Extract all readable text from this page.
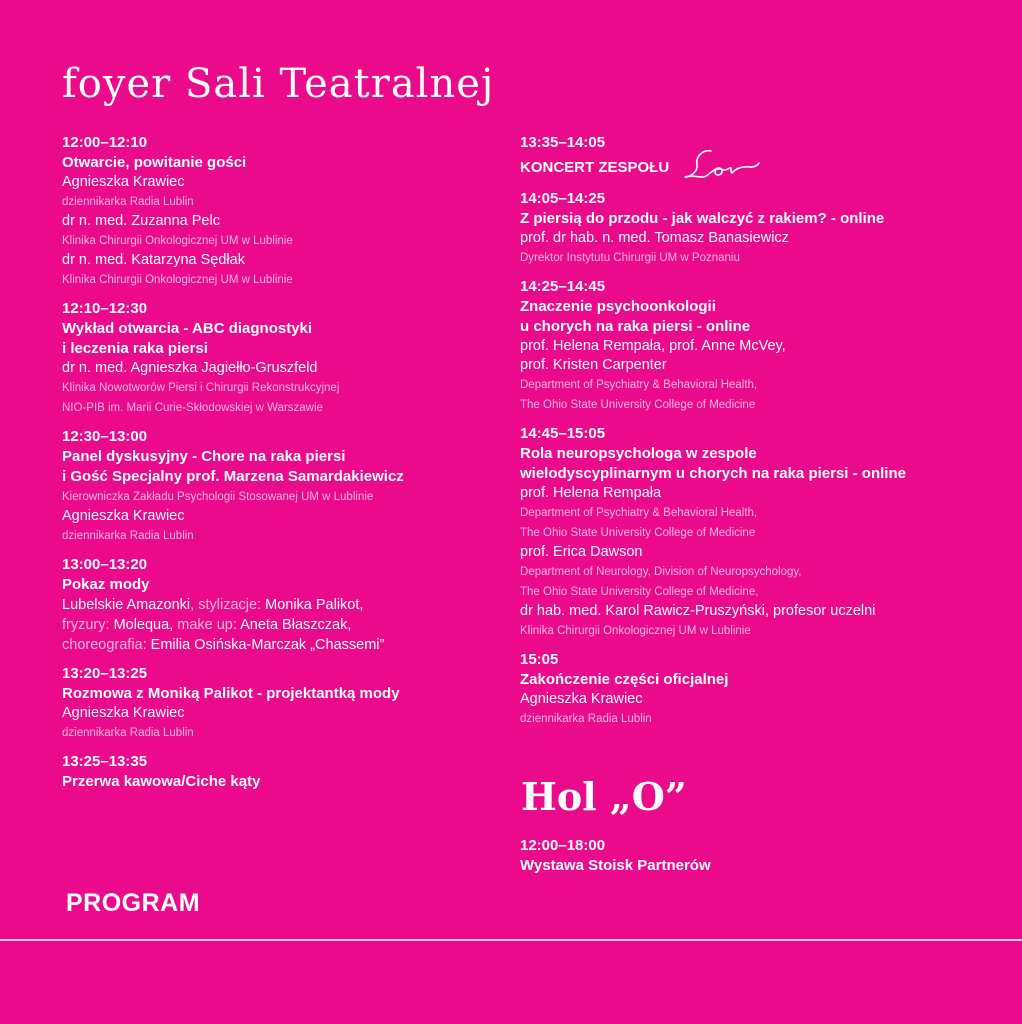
foyer Sali Teatralnej
12:00–12:10
Otwarcie, powitanie gości
Agnieszka Krawiec
dziennikarka Radia Lublin
dr n. med. Zuzanna Pelc
Klinika Chirurgii Onkologicznej UM w Lublinie
dr n. med. Katarzyna Sędłak
Klinika Chirurgii Onkologicznej UM w Lublinie
12:10–12:30
Wykład otwarcia - ABC diagnostyki
i leczenia raka piersi
dr n. med. Agnieszka Jagiełło-Gruszfeld
Klinika Nowotworów Piersi i Chirurgii Rekonstrukcyjnej
NIO-PIB im. Marii Curie-Skłodowskiej w Warszawie
12:30–13:00
Panel dyskusyjny - Chore na raka piersi
i Gość Specjalny prof. Marzena Samardakiewicz
Kierowniczka Zakładu Psychologii Stosowanej UM w Lublinie
Agnieszka Krawiec
dziennikarka Radia Lublin
13:00–13:20
Pokaz mody
Lubelskie Amazonki, stylizacje: Monika Palikot,
fryzury: Molequa, make up: Aneta Błaszczak,
choreografia: Emilia Osińska-Marczak „Chassemi”
13:20–13:25
Rozmowa z Moniką Palikot - projektantką mody
Agnieszka Krawiec
dziennikarka Radia Lublin
13:25–13:35
Przerwa kawowa/Ciche kąty
13:35–14:05
KONCERT ZESPOŁU
14:05–14:25
Z piersią do przodu - jak walczyć z rakiem? - online
prof. dr hab. n. med. Tomasz Banasiewicz
Dyrektor Instytutu Chirurgii UM w Poznaniu
14:25–14:45
Znaczenie psychoonkologii
u chorych na raka piersi - online
prof. Helena Rempała, prof. Anne McVey,
prof. Kristen Carpenter
Department of Psychiatry & Behavioral Health,
The Ohio State University College of Medicine
14:45–15:05
Rola neuropsychologa w zespole
wielodyscyplinarnym u chorych na raka piersi - online
prof. Helena Rempała
Department of Psychiatry & Behavioral Health,
The Ohio State University College of Medicine
prof. Erica Dawson
Department of Neurology, Division of Neuropsychology,
The Ohio State University College of Medicine,
dr hab. med. Karol Rawicz-Pruszyński, profesor uczelni
Klinika Chirurgii Onkologicznej UM w Lublinie
15:05
Zakończenie części oficjalnej
Agnieszka Krawiec
dziennikarka Radia Lublin
Hol „O”
12:00–18:00
Wystawa Stoisk Partnerów
PROGRAM
